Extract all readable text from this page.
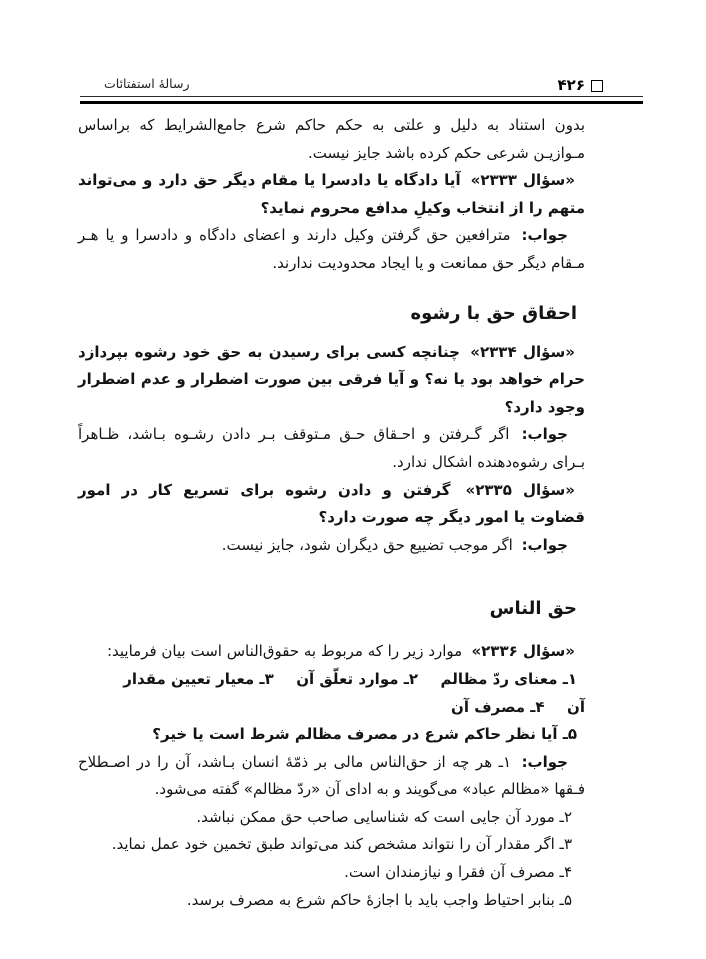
رسالهٔ استفتائات	۴۲۶

بدون استناد به دلیل و علتی به حکم حاکم شرع جامع‌الشرایط که براساس مـوازیـن شرعی حکم کرده باشد جایز نیست.

«سؤال ۲۳۳۳» آیا دادگاه یا دادسرا یا مقام دیگر حق دارد و می‌تواند متهم را از انتخاب وکیلِ مدافع محروم نماید؟

جواب: مترافعین حق گرفتن وکیل دارند و اعضای دادگاه و دادسرا و یا هـر مـقام دیگر حق ممانعت و یا ایجاد محدودیت ندارند.

احقاق حق با رشوه

«سؤال ۲۳۳۴» چنانچه کسی برای رسیدن به حق خود رشوه بپردازد حرام خواهد بود یا نه؟ و آیا فرقی بین صورت اضطرار و عدم اضطرار وجود دارد؟

جواب: اگر گـرفتن و احـقاق حـق مـتوقف بـر دادن رشـوه بـاشد، ظـاهراً بـرای رشوه‌دهنده اشکال ندارد.

«سؤال ۲۳۳۵» گرفتن و دادن رشوه برای تسریع کار در امور قضاوت یا امور دیگر چه صورت دارد؟

جواب: اگر موجب تضییع حق دیگران شود، جایز نیست.

حق الناس

«سؤال ۲۳۳۶» موارد زیر را که مربوط به حقوق‌الناس است بیان فرمایید:

۱ـ معنای ردّ مظالم  ۲ـ موارد تعلّق آن  ۳ـ معیار تعیین مقدار آن  ۴ـ مصرف آن

۵ـ آیا نظر حاکم شرع در مصرف مظالم شرط است یا خیر؟

جواب: ۱ـ هر چه از حق‌الناس مالی بر ذمّهٔ انسان بـاشد، آن را در اصـطلاح فـقها «مظالم عباد» می‌گویند و به ادای آن «ردّ مظالم» گفته می‌شود.

۲ـ مورد آن جایی است که شناسایی صاحب حق ممکن نباشد.

۳ـ اگر مقدار آن را نتواند مشخص کند می‌تواند طبق تخمین خود عمل نماید.

۴ـ مصرف آن فقرا و نیازمندان است.

۵ـ بنابر احتیاط واجب باید با اجازهٔ حاکم شرع به مصرف برسد.
